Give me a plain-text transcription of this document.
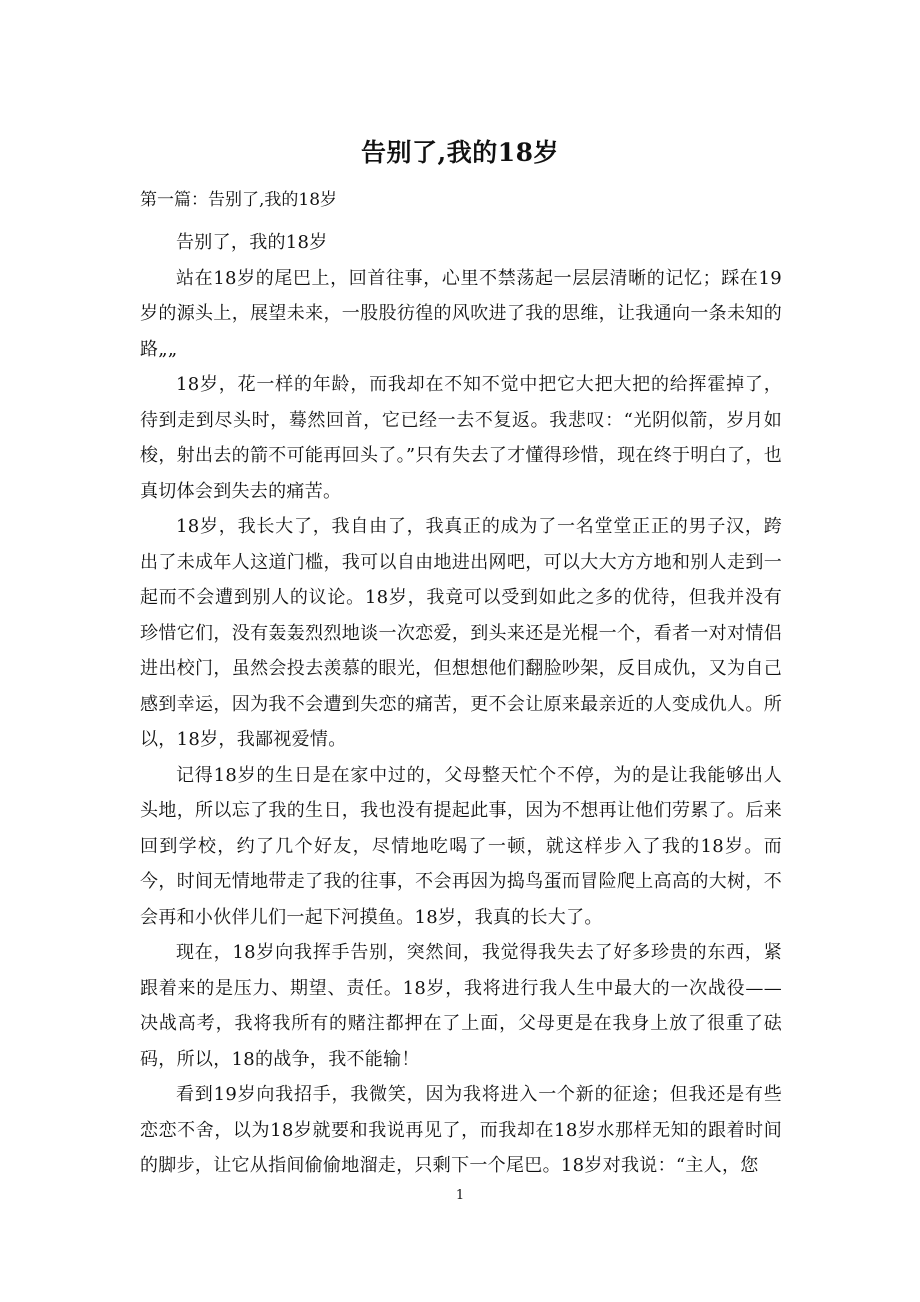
告别了,我的18岁
第一篇：告别了,我的18岁

告别了，我的18岁

站在18岁的尾巴上，回首往事，心里不禁荡起一层层清晰的记忆；踩在19岁的源头上，展望未来，一股股彷徨的风吹进了我的思维，让我通向一条未知的路„„

18岁，花一样的年龄，而我却在不知不觉中把它大把大把的给挥霍掉了，待到走到尽头时，蓦然回首，它已经一去不复返。我悲叹：“光阴似箭，岁月如梭，射出去的箭不可能再回头了。”只有失去了才懂得珍惜，现在终于明白了，也真切体会到失去的痛苦。

18岁，我长大了，我自由了，我真正的成为了一名堂堂正正的男子汉，跨出了未成年人这道门槛，我可以自由地进出网吧，可以大大方方地和别人走到一起而不会遭到别人的议论。18岁，我竟可以受到如此之多的优待，但我并没有珍惜它们，没有轰轰烈烈地谈一次恋爱，到头来还是光棍一个，看者一对对情侣进出校门，虽然会投去羡慕的眼光，但想想他们翻脸吵架，反目成仇，又为自己感到幸运，因为我不会遭到失恋的痛苦，更不会让原来最亲近的人变成仇人。所以，18岁，我鄙视爱情。

记得18岁的生日是在家中过的，父母整天忙个不停，为的是让我能够出人头地，所以忘了我的生日，我也没有提起此事，因为不想再让他们劳累了。后来回到学校，约了几个好友，尽情地吃喝了一顿，就这样步入了我的18岁。而今，时间无情地带走了我的往事，不会再因为捣鸟蛋而冒险爬上高高的大树，不会再和小伙伴儿们一起下河摸鱼。18岁，我真的长大了。

现在，18岁向我挥手告别，突然间，我觉得我失去了好多珍贵的东西，紧跟着来的是压力、期望、责任。18岁，我将进行我人生中最大的一次战役——决战高考，我将我所有的赌注都押在了上面，父母更是在我身上放了很重了砝码，所以，18的战争，我不能输！

看到19岁向我招手，我微笑，因为我将进入一个新的征途；但我还是有些恋恋不舍，以为18岁就要和我说再见了，而我却在18岁水那样无知的跟着时间的脚步，让它从指间偷偷地溜走，只剩下一个尾巴。18岁对我说：“主人，您

1
